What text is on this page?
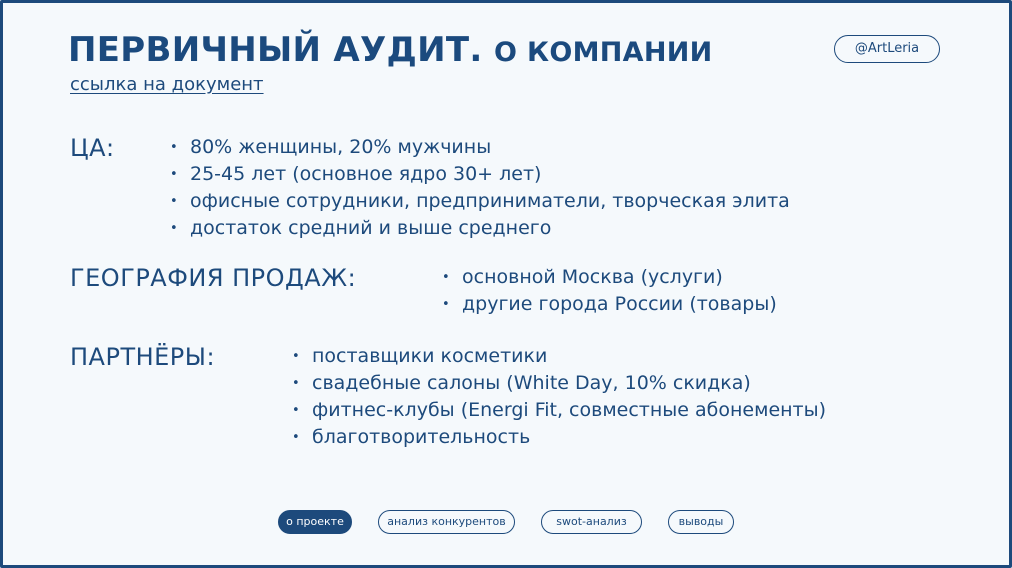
ПЕРВИЧНЫЙ АУДИТ. О КОМПАНИИ
ссылка на документ
@ArtLeria
ЦА:	• 80% женщины, 20% мужчины
• 25-45 лет (основное ядро 30+ лет)
• офисные сотрудники, предприниматели, творческая элита
• достаток средний и выше среднего
ГЕОГРАФИЯ ПРОДАЖ:	• основной Москва (услуги)
• другие города России (товары)
ПАРТНЁРЫ:	• поставщики косметики
• свадебные салоны (White Day, 10% скидка)
• фитнес-клубы (Energi Fit, совместные абонементы)
• благотворительность
о проекте	анализ конкурентов	swot-анализ	выводы
